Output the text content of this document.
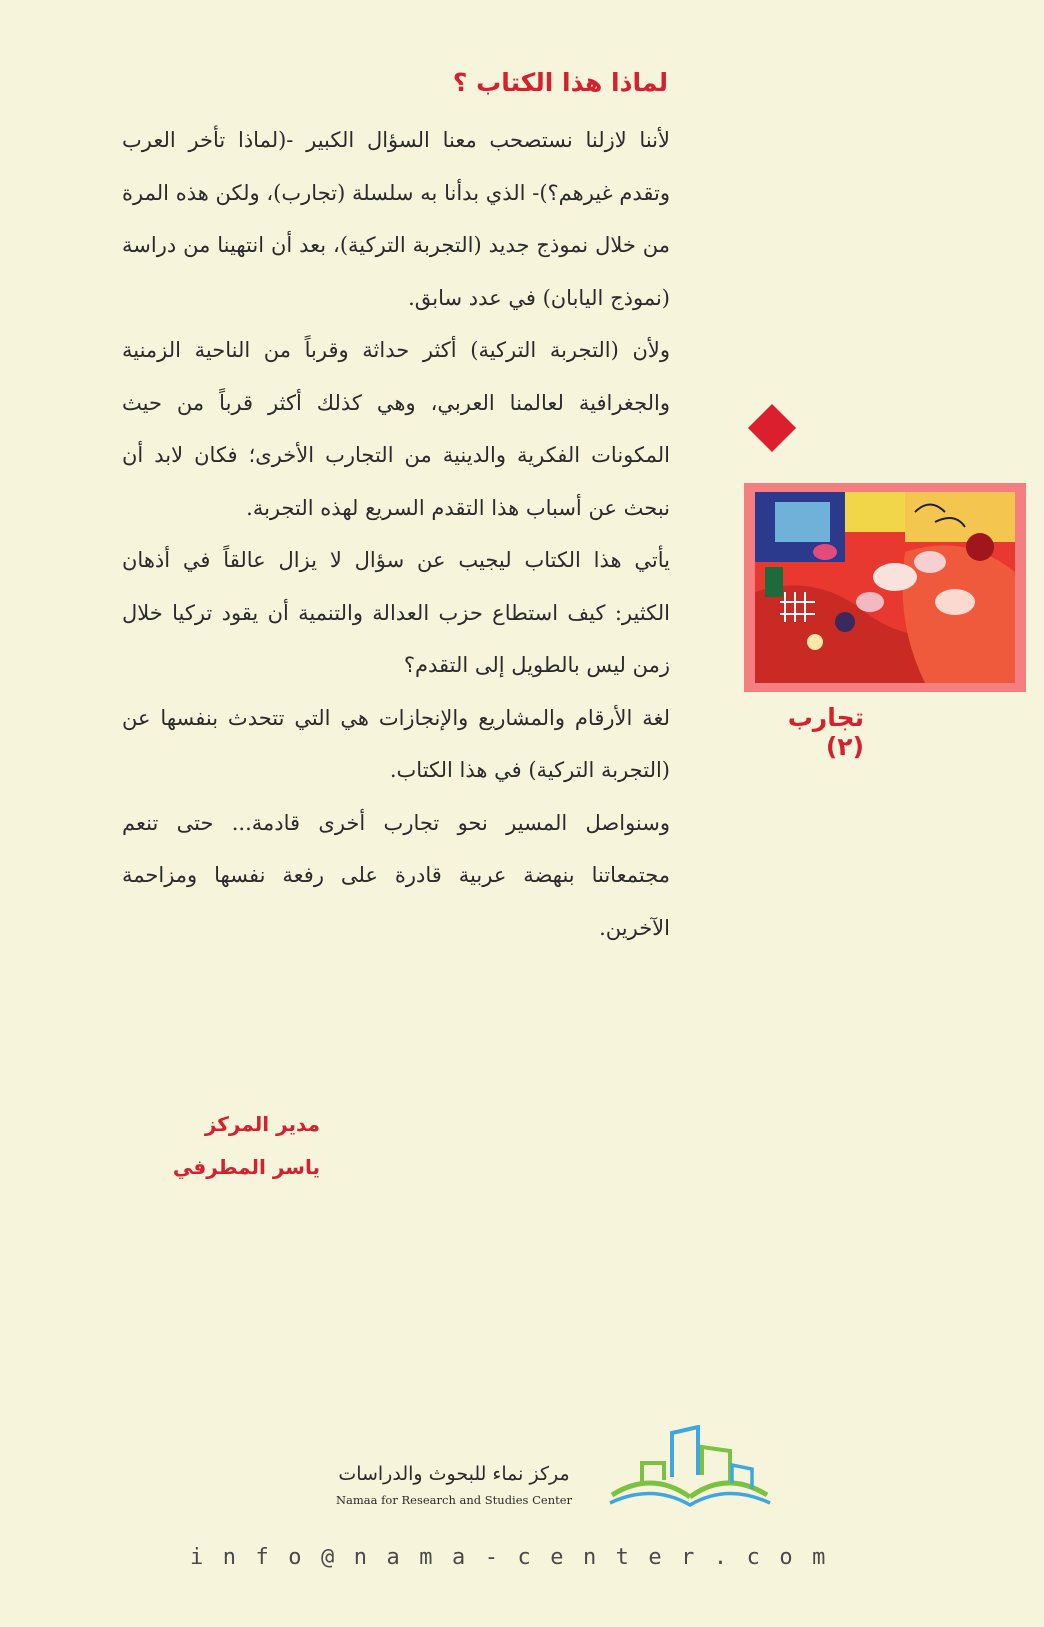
لماذا هذا الكتاب ؟

لأننا لازلنا نستصحب معنا السؤال الكبير -(لماذا تأخر العرب وتقدم غيرهم؟)- الذي بدأنا به سلسلة (تجارب)، ولكن هذه المرة من خلال نموذج جديد (التجربة التركية)، بعد أن انتهينا من دراسة (نموذج اليابان) في عدد سابق.

ولأن (التجربة التركية) أكثر حداثة وقرباً من الناحية الزمنية والجغرافية لعالمنا العربي، وهي كذلك أكثر قرباً من حيث المكونات الفكرية والدينية من التجارب الأخرى؛ فكان لابد أن نبحث عن أسباب هذا التقدم السريع لهذه التجربة.

يأتي هذا الكتاب ليجيب عن سؤال لا يزال عالقاً في أذهان الكثير: كيف استطاع حزب العدالة والتنمية أن يقود تركيا خلال زمن ليس بالطويل إلى التقدم؟

لغة الأرقام والمشاريع والإنجازات هي التي تتحدث بنفسها عن (التجربة التركية) في هذا الكتاب.

وسنواصل المسير نحو تجارب أخرى قادمة... حتى تنعم مجتمعاتنا بنهضة عربية قادرة على رفعة نفسها ومزاحمة الآخرين.

تجارب (٢)
مدير المركز
ياسر المطرفي
مركز نماء للبحوث والدراسات
Namaa for Research and Studies Center
info@nama-center.com
